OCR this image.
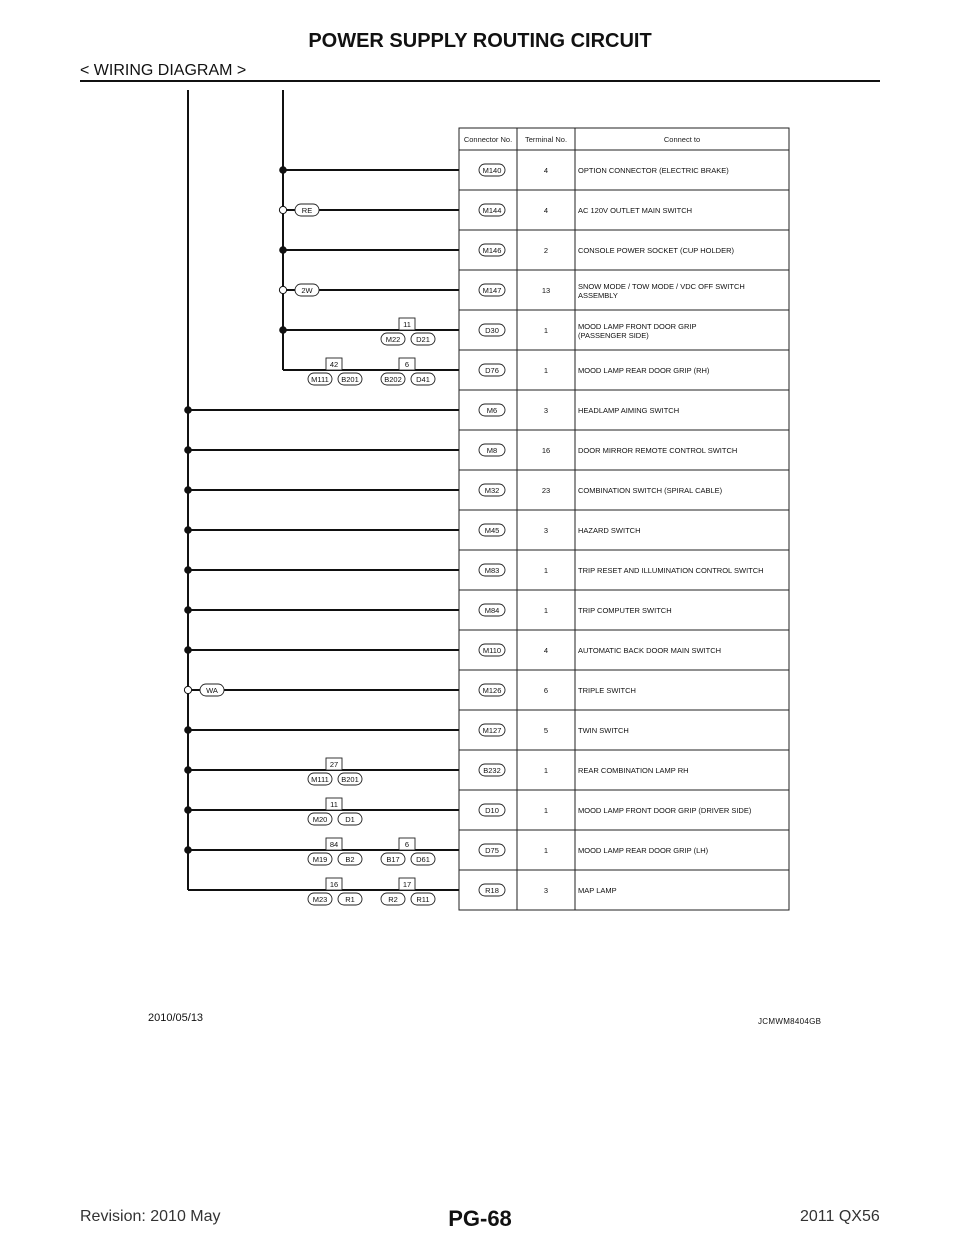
POWER SUPPLY ROUTING CIRCUIT
< WIRING DIAGRAM >
Connector No. Terminal No.	Connect to
M140	4	OPTION CONNECTOR (ELECTRIC BRAKE)
M144	4	AC 120V OUTLET MAIN SWITCH
M146	2	CONSOLE POWER SOCKET (CUP HOLDER)
M147	13	SNOW MODE / TOW MODE / VDC OFF SWITCH
ASSEMBLY
D30	1	MOOD LAMP FRONT DOOR GRIP
(PASSENGER SIDE)
D76	1	MOOD LAMP REAR DOOR GRIP (RH)
M6	3	HEADLAMP AIMING SWITCH
M8	16	DOOR MIRROR REMOTE CONTROL SWITCH
M32	23	COMBINATION SWITCH (SPIRAL CABLE)
M45	3	HAZARD SWITCH
M83	1	TRIP RESET AND ILLUMINATION CONTROL SWITCH
M84	1	TRIP COMPUTER SWITCH
M110	4	AUTOMATIC BACK DOOR MAIN SWITCH
M126	6	TRIPLE SWITCH
M127	5	TWIN SWITCH
B232	1	REAR COMBINATION LAMP RH
D10	1	MOOD LAMP FRONT DOOR GRIP (DRIVER SIDE)
D75	1	MOOD LAMP REAR DOOR GRIP (LH)
R18	3	MAP LAMP
RE
2W
WA
11
M22 D21
42
M111 B201
6
B202 D41
27
M111 B201
11
M20 D1
84
M19 B2
6
B17 D61
16
M23 R1
17
R2 R11
2010/05/13	JCMWM8404GB
PG-68
Revision: 2010 May	2011 QX56
